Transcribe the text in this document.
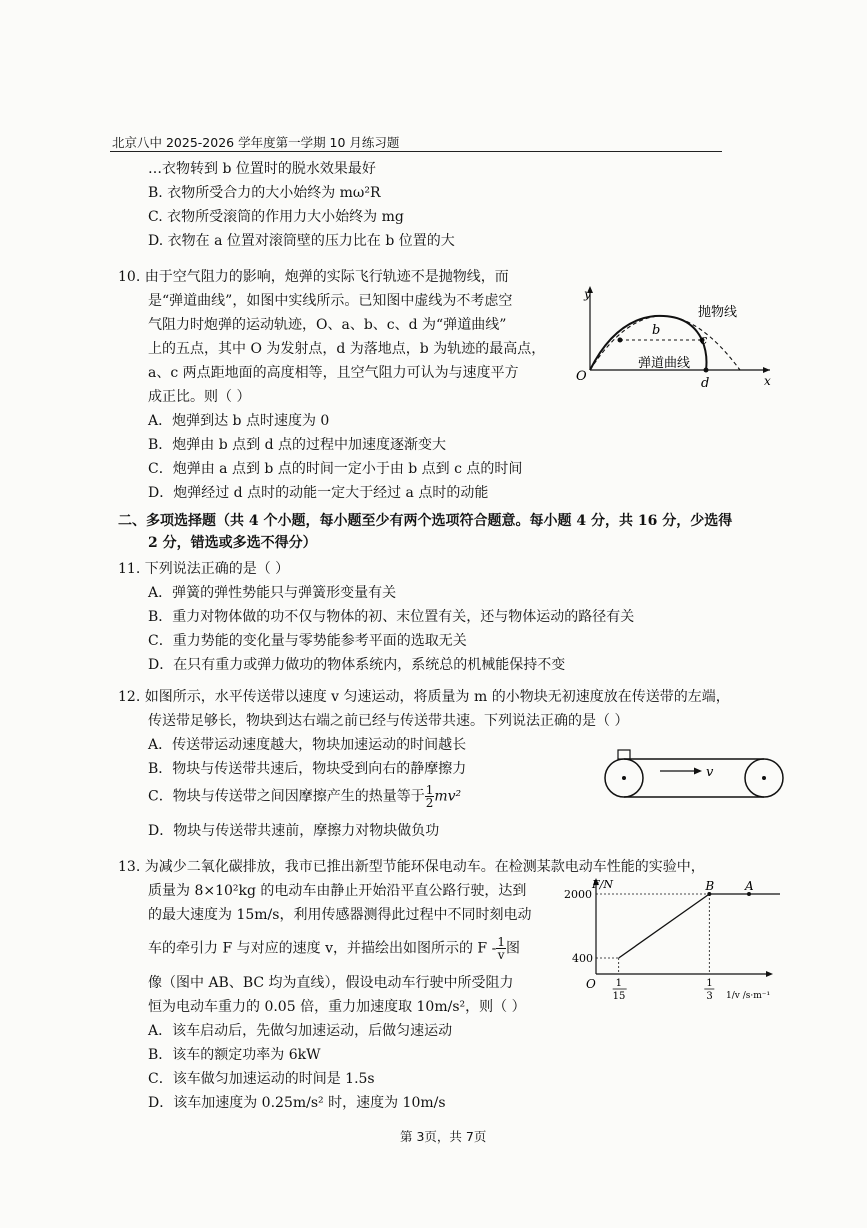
北京八中 2025-2026 学年度第一学期 10 月练习题
…衣物转到 b 位置时的脱水效果最好
B. 衣物所受合力的大小始终为 mω²R
C. 衣物所受滚筒的作用力大小始终为 mg
D. 衣物在 a 位置对滚筒壁的压力比在 b 位置的大
10. 由于空气阻力的影响，炮弹的实际飞行轨迹不是抛物线，而
是“弹道曲线”，如图中实线所示。已知图中虚线为不考虑空
气阻力时炮弹的运动轨迹，O、a、b、c、d 为“弹道曲线”
上的五点，其中 O 为发射点，d 为落地点，b 为轨迹的最高点，
a、c 两点距地面的高度相等，且空气阻力可认为与速度平方
成正比。则（ ）
A．炮弹到达 b 点时速度为 0
B．炮弹由 b 点到 d 点的过程中加速度逐渐变大
C．炮弹由 a 点到 b 点的时间一定小于由 b 点到 c 点的时间
D．炮弹经过 d 点时的动能一定大于经过 a 点时的动能
y
x
O
抛物线
弹道曲线
b
c
d
二、多项选择题（共 4 个小题，每小题至少有两个选项符合题意。每小题 4 分，共 16 分，少选得
2 分，错选或多选不得分）
11. 下列说法正确的是（ ）
A．弹簧的弹性势能只与弹簧形变量有关
B．重力对物体做的功不仅与物体的初、末位置有关，还与物体运动的路径有关
C．重力势能的变化量与零势能参考平面的选取无关
D．在只有重力或弹力做功的物体系统内，系统总的机械能保持不变
12. 如图所示，水平传送带以速度 v 匀速运动，将质量为 m 的小物块无初速度放在传送带的左端，
传送带足够长，物块到达右端之前已经与传送带共速。下列说法正确的是（ ）
A．传送带运动速度越大，物块加速运动的时间越长
B．物块与传送带共速后，物块受到向右的静摩擦力
C．物块与传送带之间因摩擦产生的热量等于 $\frac{1}{2} mv^2$
D．物块与传送带共速前，摩擦力对物块做负功
v
13. 为减少二氧化碳排放，我市已推出新型节能环保电动车。在检测某款电动车性能的实验中，
质量为 8×10²kg 的电动车由静止开始沿平直公路行驶，达到
的最大速度为 15m/s，利用传感器测得此过程中不同时刻电动
车的牵引力 F 与对应的速度 v，并描绘出如图所示的 F - $\frac{1}{v}$ 图
像（图中 AB、BC 均为直线），假设电动车行驶中所受阻力
恒为电动车重力的 0.05 倍，重力加速度取 10m/s²，则（ ）
A．该车启动后，先做匀加速运动，后做匀速运动
B．该车的额定功率为 6kW
C．该车做匀加速运动的时间是 1.5s
D．该车加速度为 0.25m/s² 时，速度为 10m/s
F/N
2000
400
O
B	A
1
15
1
3 1/v /s·m⁻¹
第 3页，共 7页
